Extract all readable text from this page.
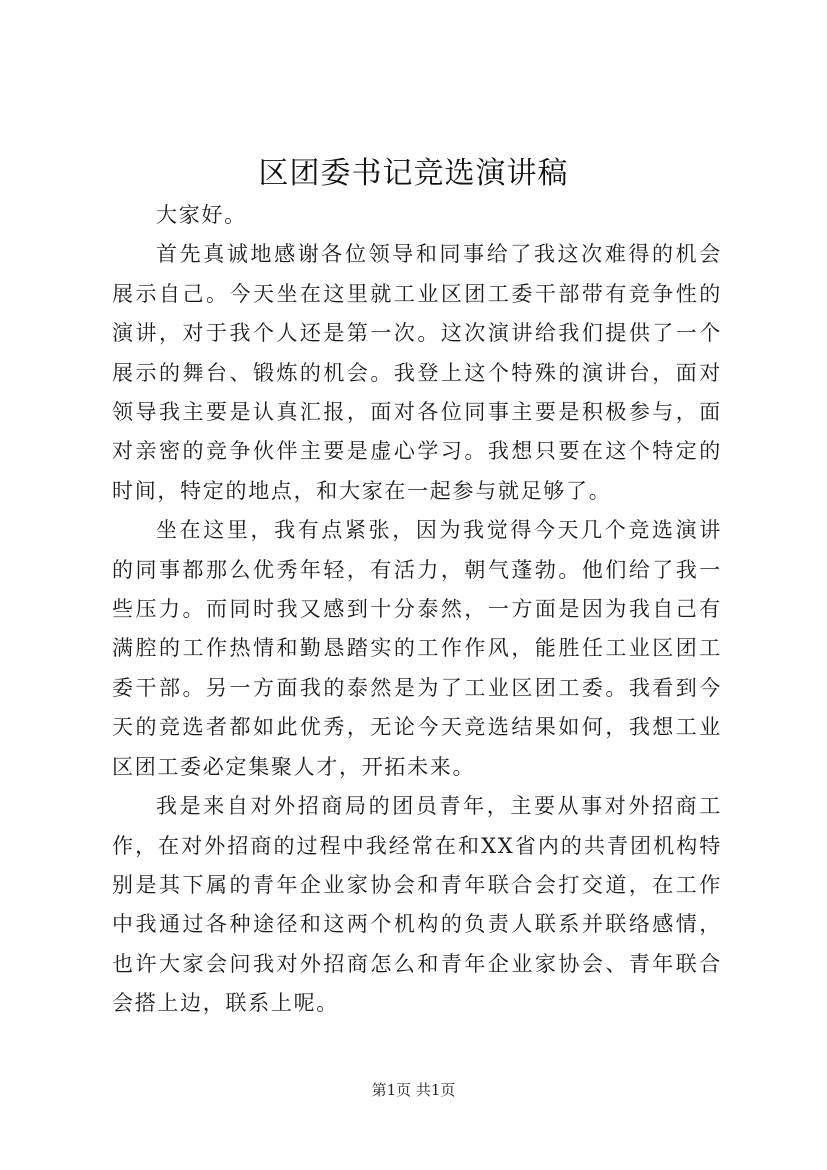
区团委书记竞选演讲稿

大家好。

首先真诚地感谢各位领导和同事给了我这次难得的机会展示自己。今天坐在这里就工业区团工委干部带有竞争性的演讲，对于我个人还是第一次。这次演讲给我们提供了一个展示的舞台、锻炼的机会。我登上这个特殊的演讲台，面对领导我主要是认真汇报，面对各位同事主要是积极参与，面对亲密的竞争伙伴主要是虚心学习。我想只要在这个特定的时间，特定的地点，和大家在一起参与就足够了。

坐在这里，我有点紧张，因为我觉得今天几个竞选演讲的同事都那么优秀年轻，有活力，朝气蓬勃。他们给了我一些压力。而同时我又感到十分泰然，一方面是因为我自己有满腔的工作热情和勤恳踏实的工作作风，能胜任工业区团工委干部。另一方面我的泰然是为了工业区团工委。我看到今天的竞选者都如此优秀，无论今天竞选结果如何，我想工业区团工委必定集聚人才，开拓未来。

我是来自对外招商局的团员青年，主要从事对外招商工作，在对外招商的过程中我经常在和XX省内的共青团机构特别是其下属的青年企业家协会和青年联合会打交道，在工作中我通过各种途径和这两个机构的负责人联系并联络感情，也许大家会问我对外招商怎么和青年企业家协会、青年联合会搭上边，联系上呢。

第1页 共1页
